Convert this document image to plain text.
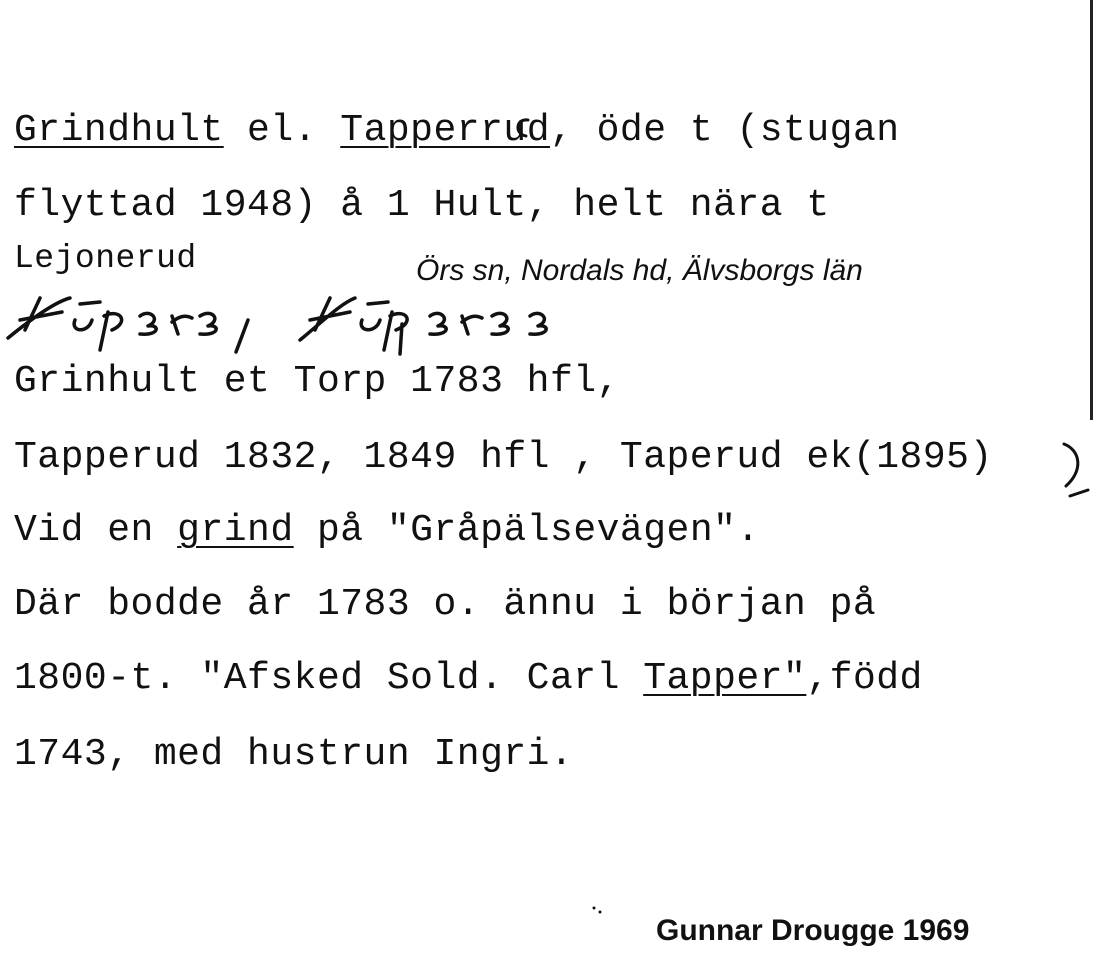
Grindhult el. Tapperrud, öde t (stugan
flyttad 1948) å 1 Hult, helt nära t
Lejonerud	Örs sn, Nordals hd, Älvsborgs län
Grinhult et Torp 1783 hfl,
Tapperud 1832, 1849 hfl , Taperud ek(1895)
Vid en grind på "Gråpälsevägen".
Där bodde år 1783 o. ännu i början på
1800-t. "Afsked Sold. Carl Tapper",född
1743, med hustrun Ingri.
Gunnar Drougge 1969
